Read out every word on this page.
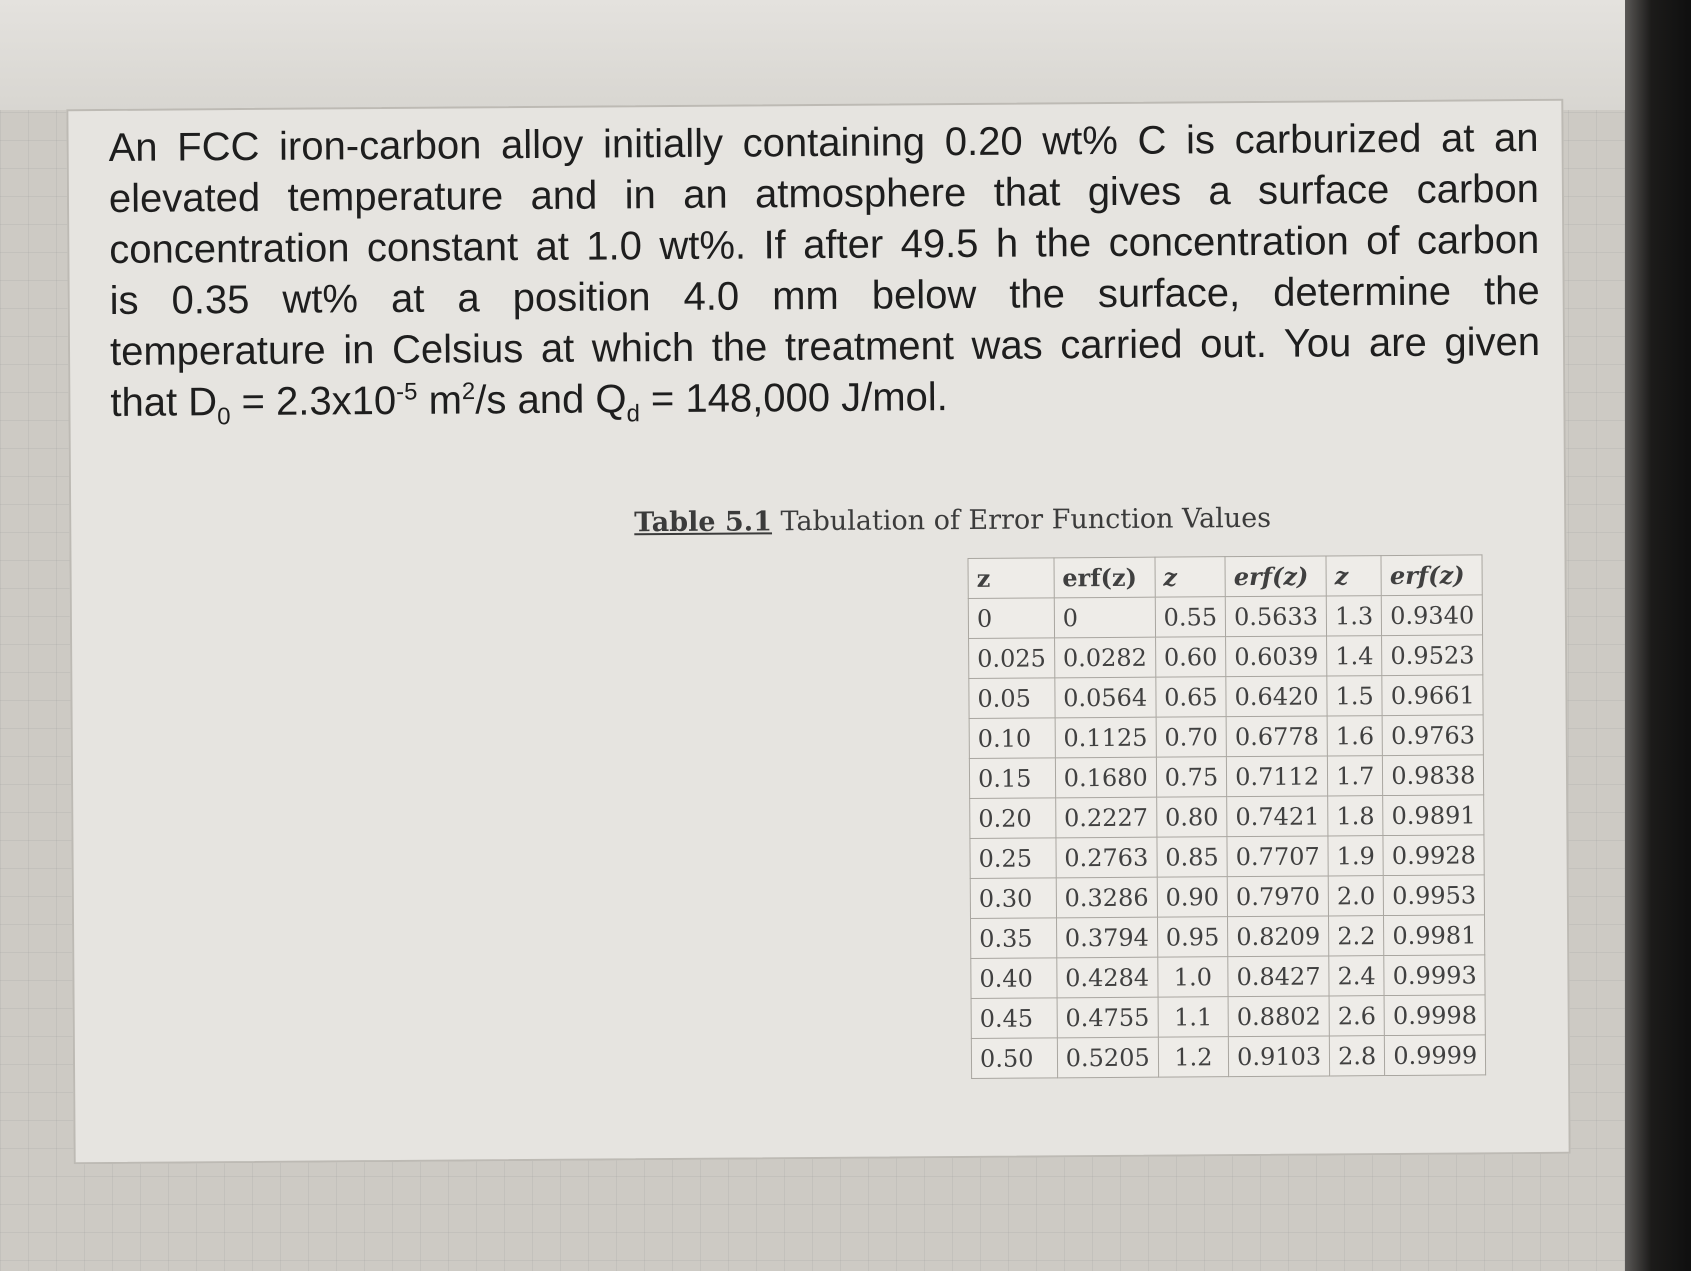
An FCC iron-carbon alloy initially containing 0.20 wt% C is carburized at an
elevated temperature and in an atmosphere that gives a surface carbon
concentration constant at 1.0 wt%. If after 49.5 h the concentration of carbon
is 0.35 wt% at a position 4.0 mm below the surface, determine the
temperature in Celsius at which the treatment was carried out. You are given
that $D_0 = 2.3x10^{-5}$ $m^2/s$ and $Q_d = 148,000$ J/mol.
Table 5.1 Tabulation of Error Function Values
z	erf(z)	z	erf(z)	z	erf(z)
0	0	0.55	0.5633	1.3	0.9340
0.025	0.0282	0.60	0.6039	1.4	0.9523
0.05	0.0564	0.65	0.6420	1.5	0.9661
0.10	0.1125	0.70	0.6778	1.6	0.9763
0.15	0.1680	0.75	0.7112	1.7	0.9838
0.20	0.2227	0.80	0.7421	1.8	0.9891
0.25	0.2763	0.85	0.7707	1.9	0.9928
0.30	0.3286	0.90	0.7970	2.0	0.9953
0.35	0.3794	0.95	0.8209	2.2	0.9981
0.40	0.4284	1.0	0.8427	2.4	0.9993
0.45	0.4755	1.1	0.8802	2.6	0.9998
0.50	0.5205	1.2	0.9103	2.8	0.9999
